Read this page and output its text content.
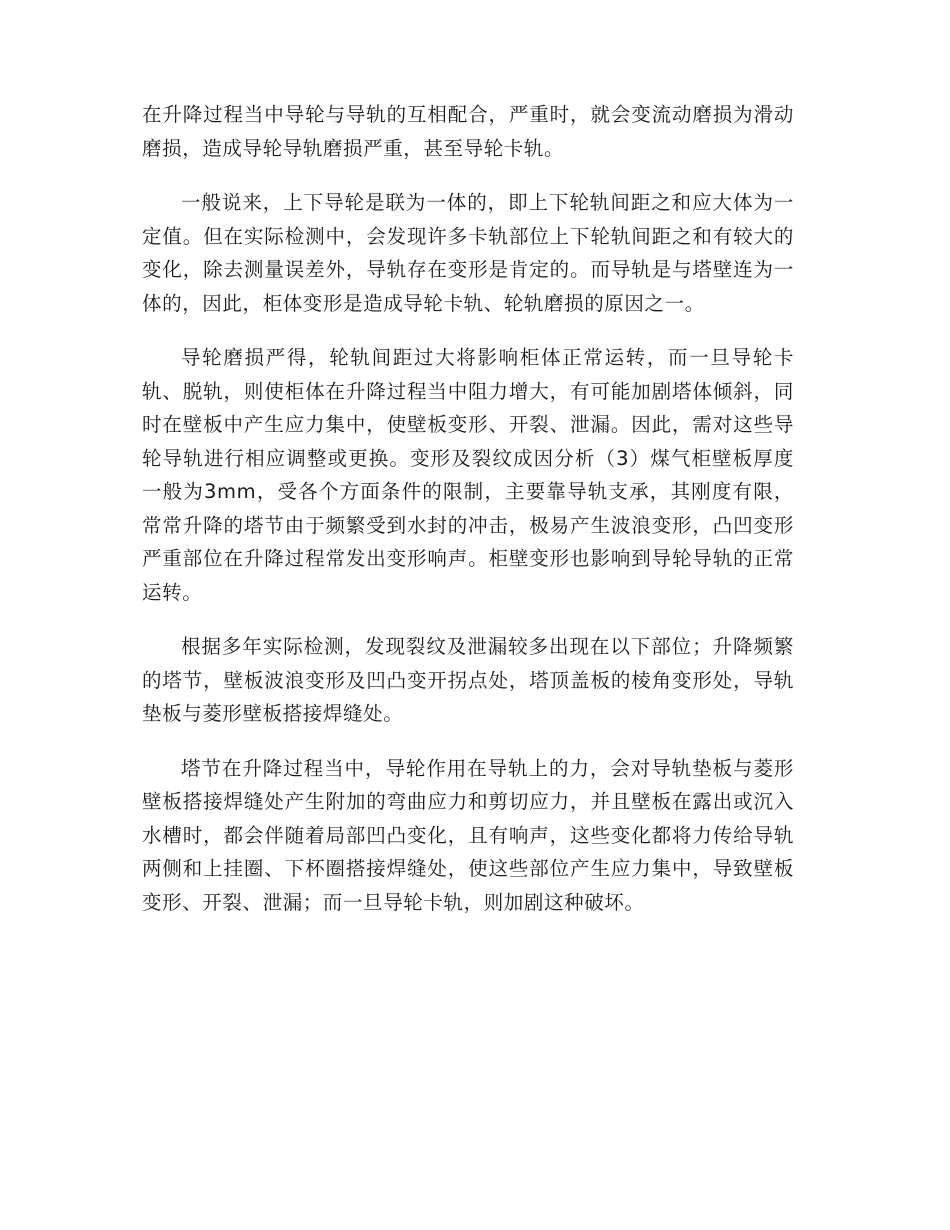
在升降过程当中导轮与导轨的互相配合，严重时，就会变流动磨损为滑动磨损，造成导轮导轨磨损严重，甚至导轮卡轨。

一般说来，上下导轮是联为一体的，即上下轮轨间距之和应大体为一定值。但在实际检测中，会发现许多卡轨部位上下轮轨间距之和有较大的变化，除去测量误差外，导轨存在变形是肯定的。而导轨是与塔壁连为一体的，因此，柜体变形是造成导轮卡轨、轮轨磨损的原因之一。

导轮磨损严得，轮轨间距过大将影响柜体正常运转，而一旦导轮卡轨、脱轨，则使柜体在升降过程当中阻力增大，有可能加剧塔体倾斜，同时在壁板中产生应力集中，使壁板变形、开裂、泄漏。因此，需对这些导轮导轨进行相应调整或更换。变形及裂纹成因分析（3）煤气柜壁板厚度一般为3mm，受各个方面条件的限制，主要靠导轨支承，其刚度有限，常常升降的塔节由于频繁受到水封的冲击，极易产生波浪变形，凸凹变形严重部位在升降过程常发出变形响声。柜壁变形也影响到导轮导轨的正常运转。

根据多年实际检测，发现裂纹及泄漏较多出现在以下部位；升降频繁的塔节，壁板波浪变形及凹凸变开拐点处，塔顶盖板的棱角变形处，导轨垫板与菱形壁板搭接焊缝处。

塔节在升降过程当中，导轮作用在导轨上的力，会对导轨垫板与菱形壁板搭接焊缝处产生附加的弯曲应力和剪切应力，并且壁板在露出或沉入水槽时，都会伴随着局部凹凸变化，且有响声，这些变化都将力传给导轨两侧和上挂圈、下杯圈搭接焊缝处，使这些部位产生应力集中，导致壁板变形、开裂、泄漏；而一旦导轮卡轨，则加剧这种破坏。
